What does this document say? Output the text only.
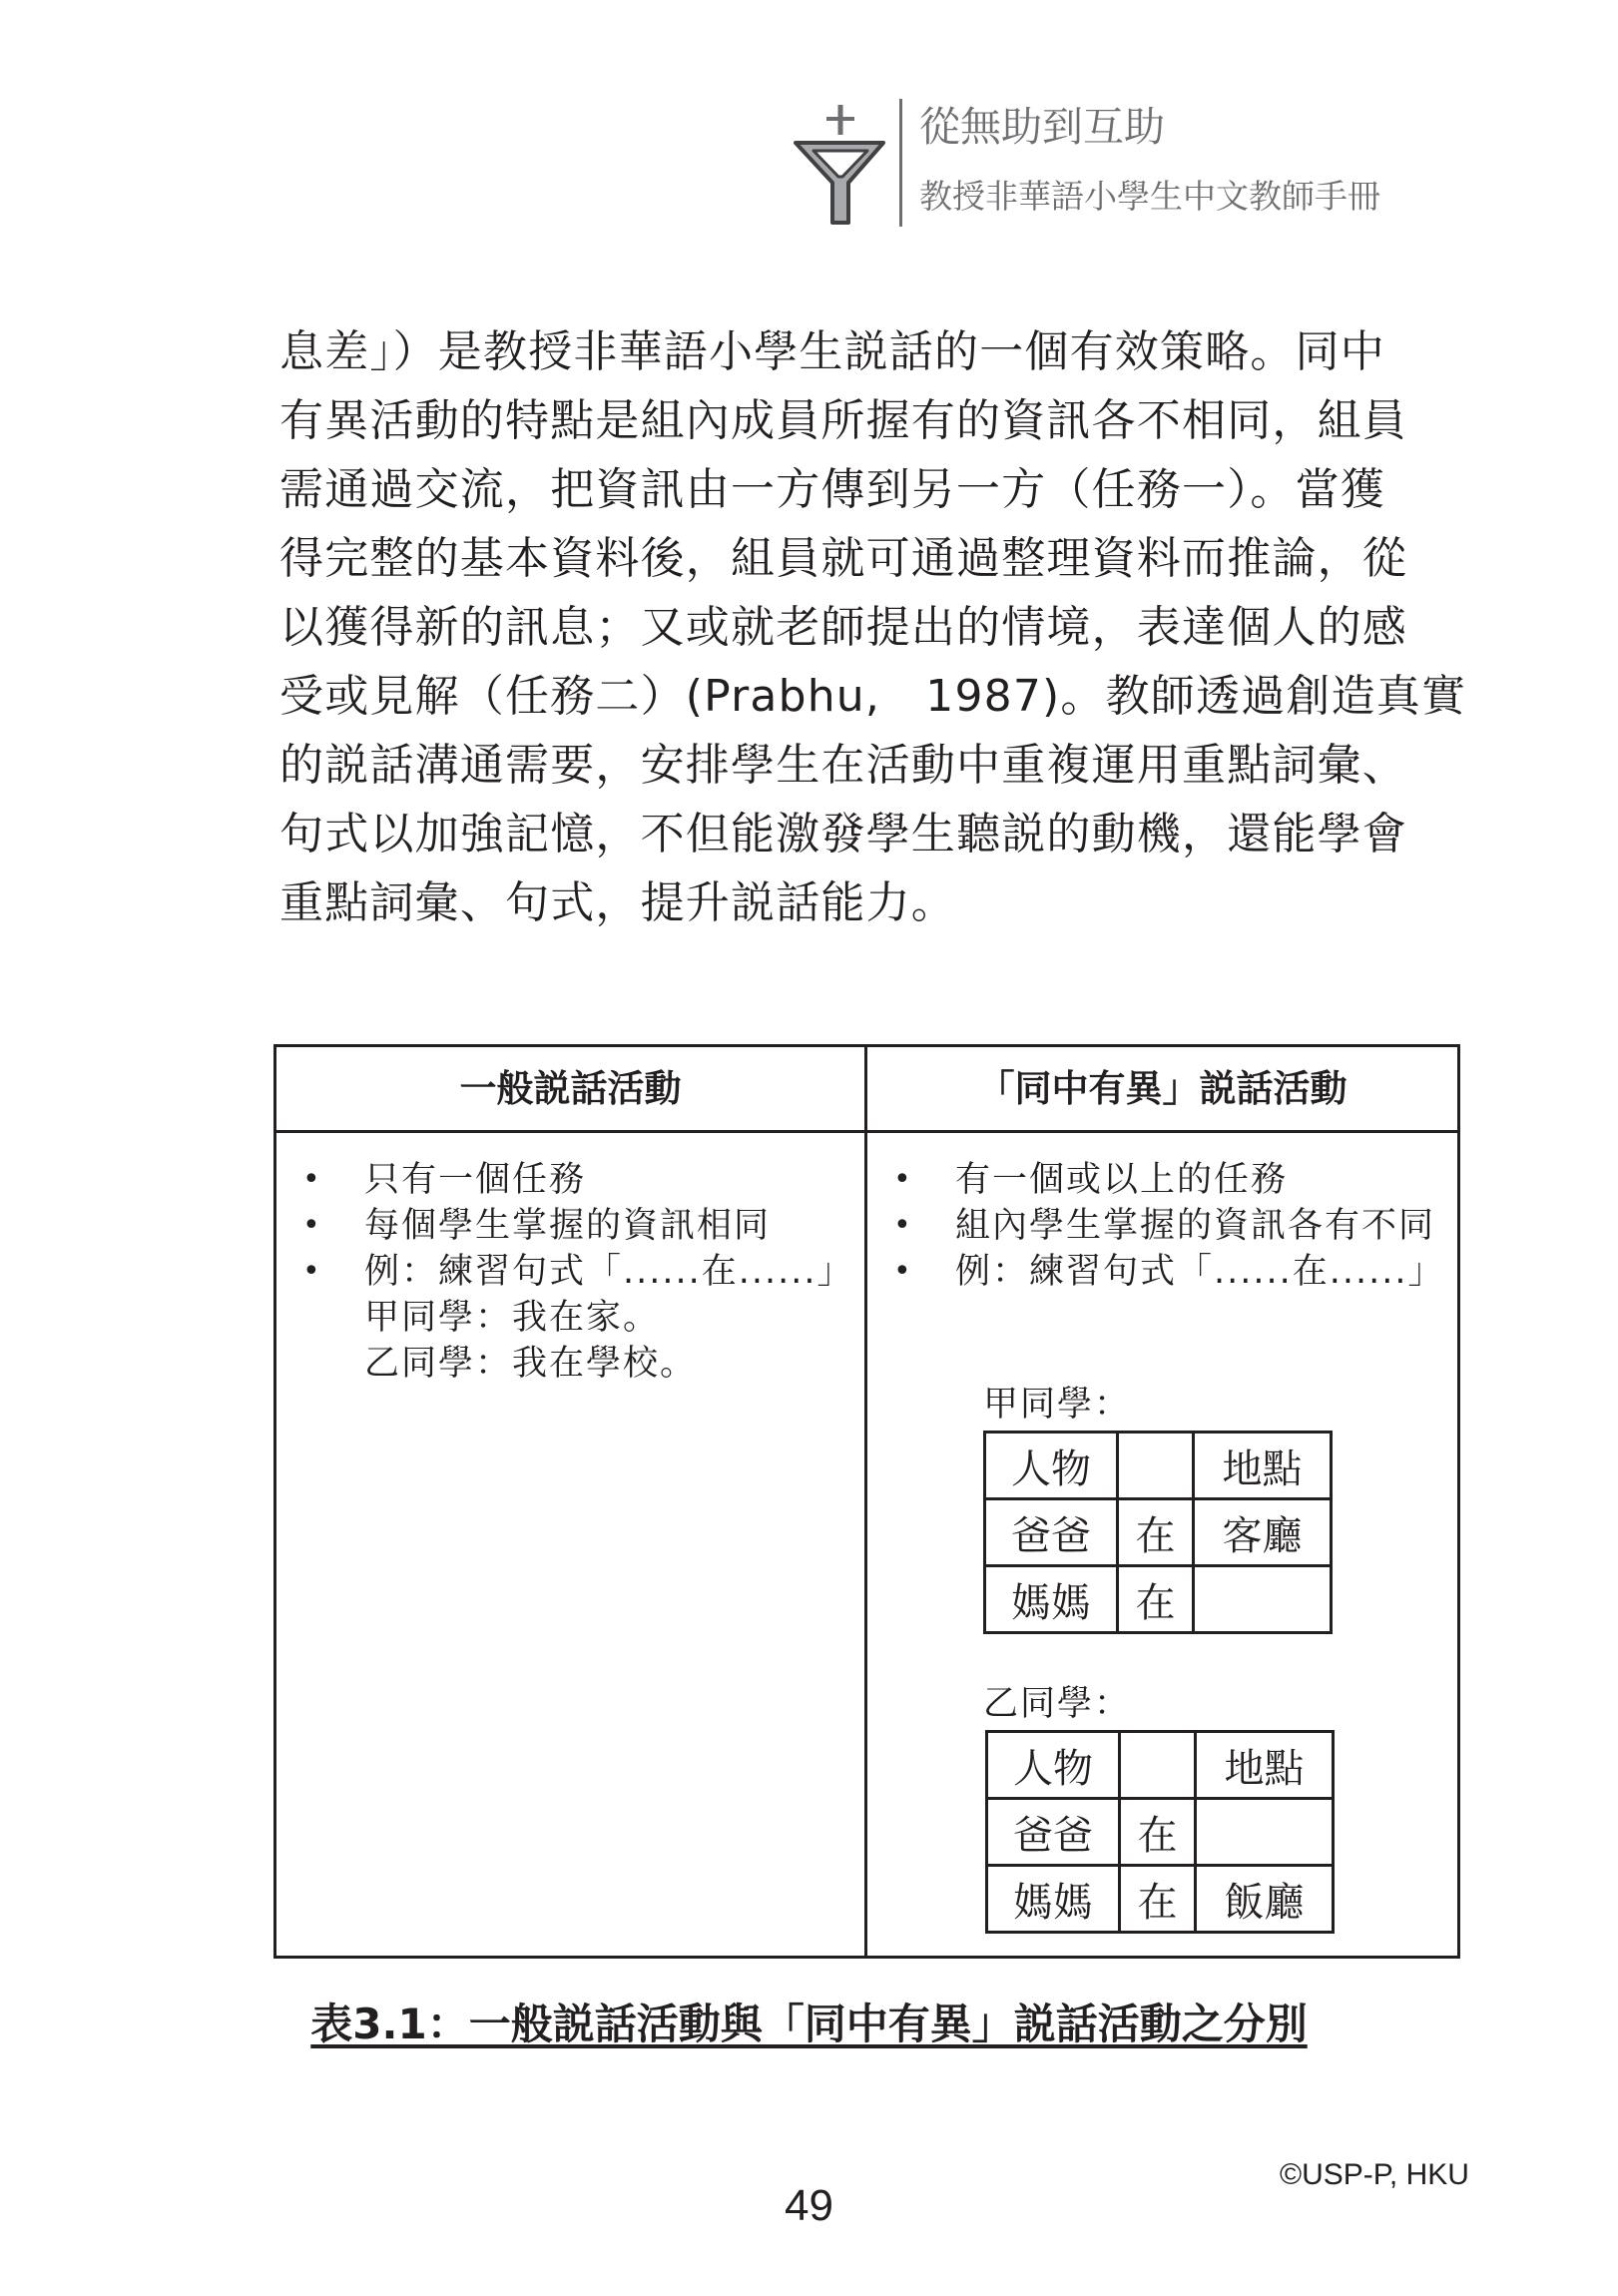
從無助到互助
教授非華語小學生中文教師手冊

息差」）是教授非華語小學生説話的一個有效策略。同中
有異活動的特點是組內成員所握有的資訊各不相同，組員
需通過交流，把資訊由一方傳到另一方（任務一）。當獲
得完整的基本資料後，組員就可通過整理資料而推論，從
以獲得新的訊息；又或就老師提出的情境，表達個人的感
受或見解（任務二）(Prabhu,　1987)。教師透過創造真實
的説話溝通需要，安排學生在活動中重複運用重點詞彙、
句式以加強記憶，不但能激發學生聽説的動機，還能學會
重點詞彙、句式，提升説話能力。

一般説話活動	「同中有異」説話活動
• 只有一個任務
• 每個學生掌握的資訊相同
• 例：練習句式「......在......」
甲同學：我在家。
乙同學：我在學校。
• 有一個或以上的任務
• 組內學生掌握的資訊各有不同
• 例：練習句式「......在......」
甲同學：
人物		地點
爸爸	在	客廳
媽媽	在	
乙同學：
人物		地點
爸爸	在	
媽媽	在	飯廳
表3.1：一般説話活動與「同中有異」説話活動之分別
©USP-P, HKU
49
